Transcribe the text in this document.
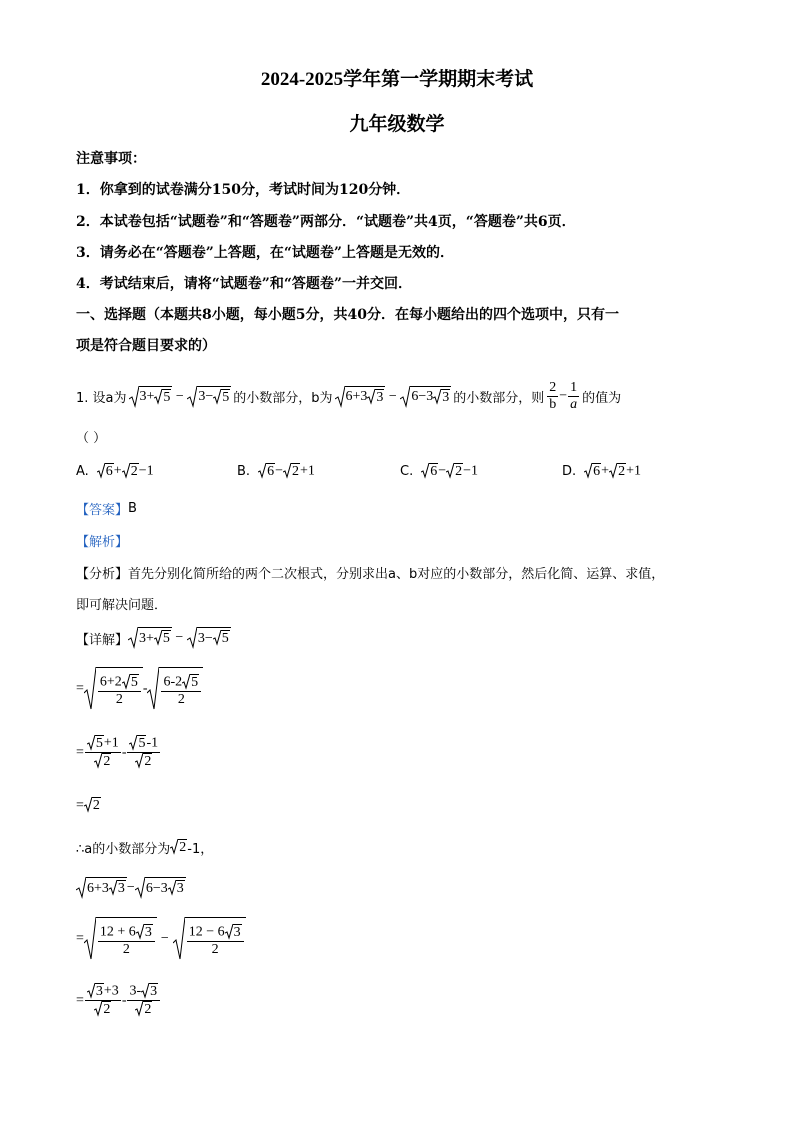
2024-2025学年第一学期期末考试
九年级数学
注意事项：
1．你拿到的试卷满分150分，考试时间为120分钟．
2．本试卷包括“试题卷”和“答题卷”两部分．“试题卷”共4页，“答题卷”共6页．
3．请务必在“答题卷”上答题，在“试题卷”上答题是无效的．
4．考试结束后，请将“试题卷”和“答题卷”一并交回．
一、选择题（本题共8小题，每小题5分，共40分．在每小题给出的四个选项中，只有一
项是符合题目要求的）
1. 设a为 3+ 5 − 3− 5 的小数部分，b为 6+3 3 − 6−3 3 的小数部分，则 $\frac{2}{b} - \frac{1}{a}$ 的值为
（ ）
A. 6 + 2 −1	B. 6 − 2 +1	C. 6 − 2 −1	D. 6 + 2 +1
【答案】 B
【解析】
【分析】 首先分别化简所给的两个二次根式，分别求出a、b对应的小数部分，然后化简、运算、求值，
即可解决问题．
【详解】 3+ 5 − 3− 5
= $\frac{6+2 5}{2} - \frac{6-2 5}{2}$
= $\frac{5 +1}{2} - \frac{5 -1}{2}$
= 2
∴a的小数部分为 2 -1，
6+3 3 − 6−3 3
= $\frac{12 + 6 3}{2} - \frac{12 - 6 3}{2}$
= $\frac{3 +3}{2} - \frac{3- 3}{2}$
